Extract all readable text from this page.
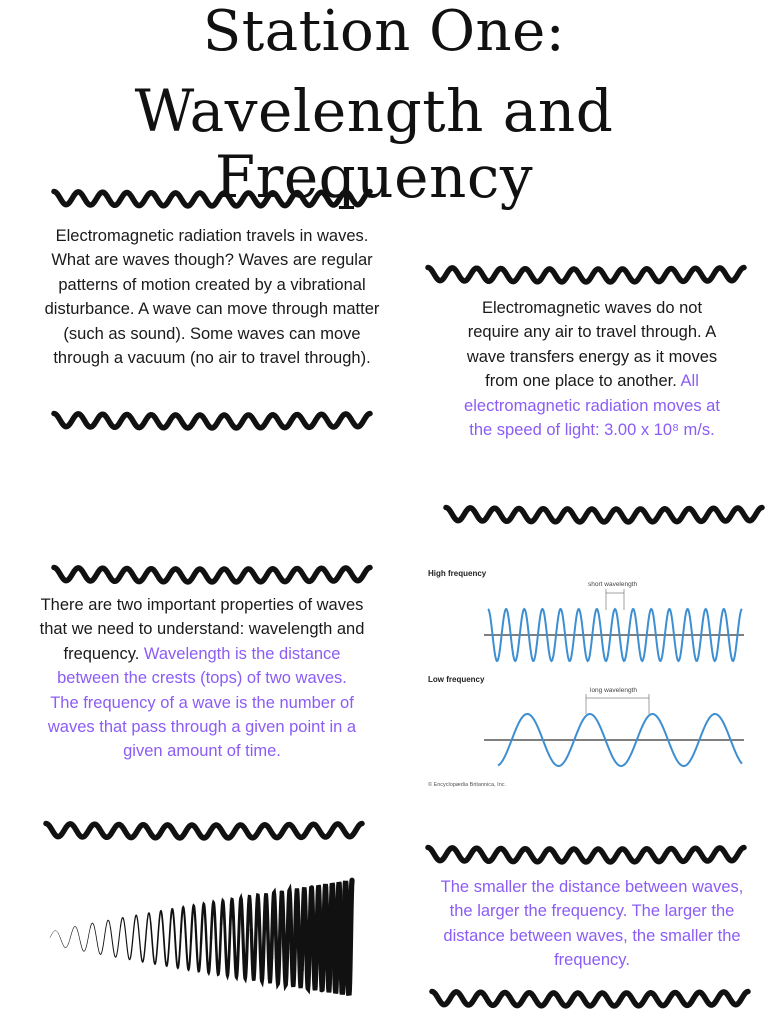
Station One:
Wavelength and Frequency

Electromagnetic radiation travels in waves. What are waves though? Waves are regular patterns of motion created by a vibrational disturbance. A wave can move through matter (such as sound). Some waves can move through a vacuum (no air to travel through).

Electromagnetic waves do not require any air to travel through. A wave transfers energy as it moves from one place to another. All electromagnetic radiation moves at the speed of light: 3.00 x 10⁸ m/s.

There are two important properties of waves that we need to understand: wavelength and frequency. Wavelength is the distance between the crests (tops) of two waves.
The frequency of a wave is the number of waves that pass through a given point in a given amount of time.

The smaller the distance between waves, the larger the frequency. The larger the distance between waves, the smaller the frequency.

High frequency
short wavelength
Low frequency
long wavelength
© Encyclopædia Britannica, Inc.
